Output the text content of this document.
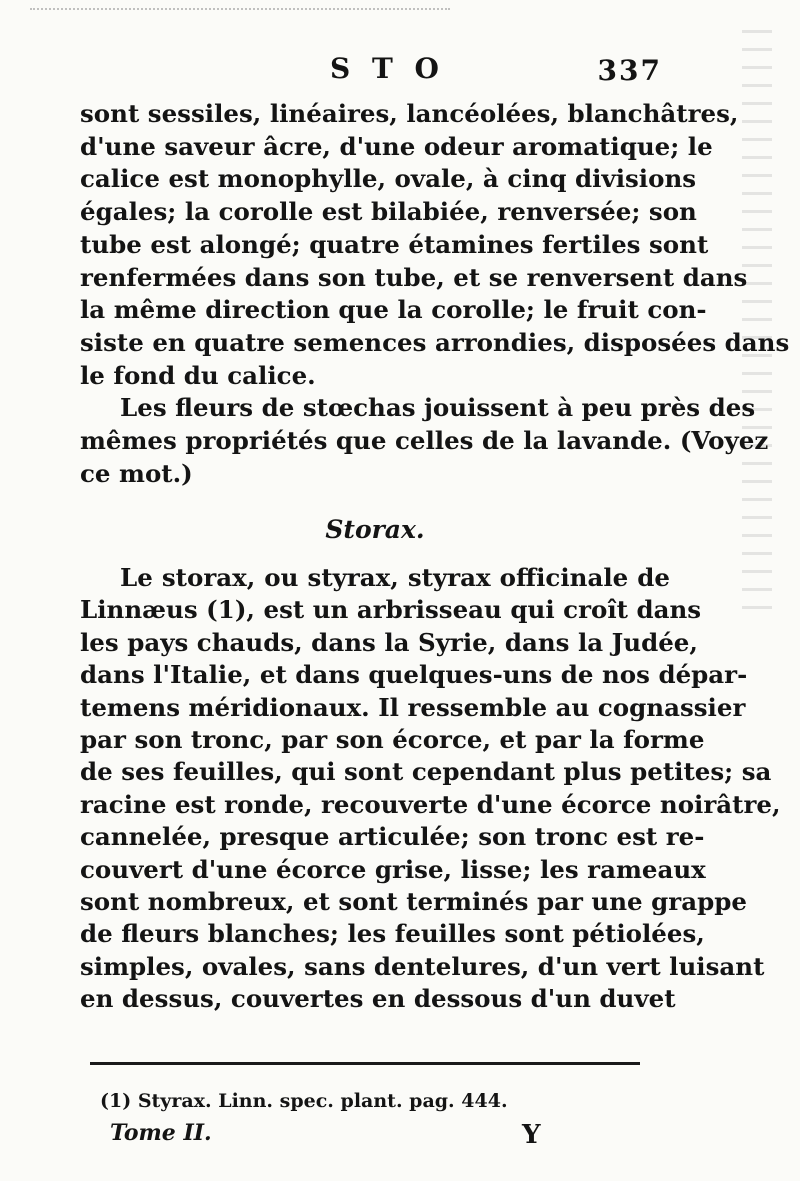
S T O	337
sont sessiles, linéaires, lancéolées, blanchâtres,
d'une saveur âcre, d'une odeur aromatique; le
calice est monophylle, ovale, à cinq divisions
égales; la corolle est bilabiée, renversée; son
tube est alongé; quatre étamines fertiles sont
renfermées dans son tube, et se renversent dans
la même direction que la corolle; le fruit con-
siste en quatre semences arrondies, disposées dans
le fond du calice.
Les fleurs de stœchas jouissent à peu près des
mêmes propriétés que celles de la lavande. (Voyez
ce mot.)
Storax.
Le storax, ou styrax, styrax officinale de
Linnæus (1), est un arbrisseau qui croît dans
les pays chauds, dans la Syrie, dans la Judée,
dans l'Italie, et dans quelques-uns de nos dépar-
temens méridionaux. Il ressemble au cognassier
par son tronc, par son écorce, et par la forme
de ses feuilles, qui sont cependant plus petites; sa
racine est ronde, recouverte d'une écorce noirâtre,
cannelée, presque articulée; son tronc est re-
couvert d'une écorce grise, lisse; les rameaux
sont nombreux, et sont terminés par une grappe
de fleurs blanches; les feuilles sont pétiolées,
simples, ovales, sans dentelures, d'un vert luisant
en dessus, couvertes en dessous d'un duvet
(1) Styrax. Linn. spec. plant. pag. 444.
Tome II.	Y
